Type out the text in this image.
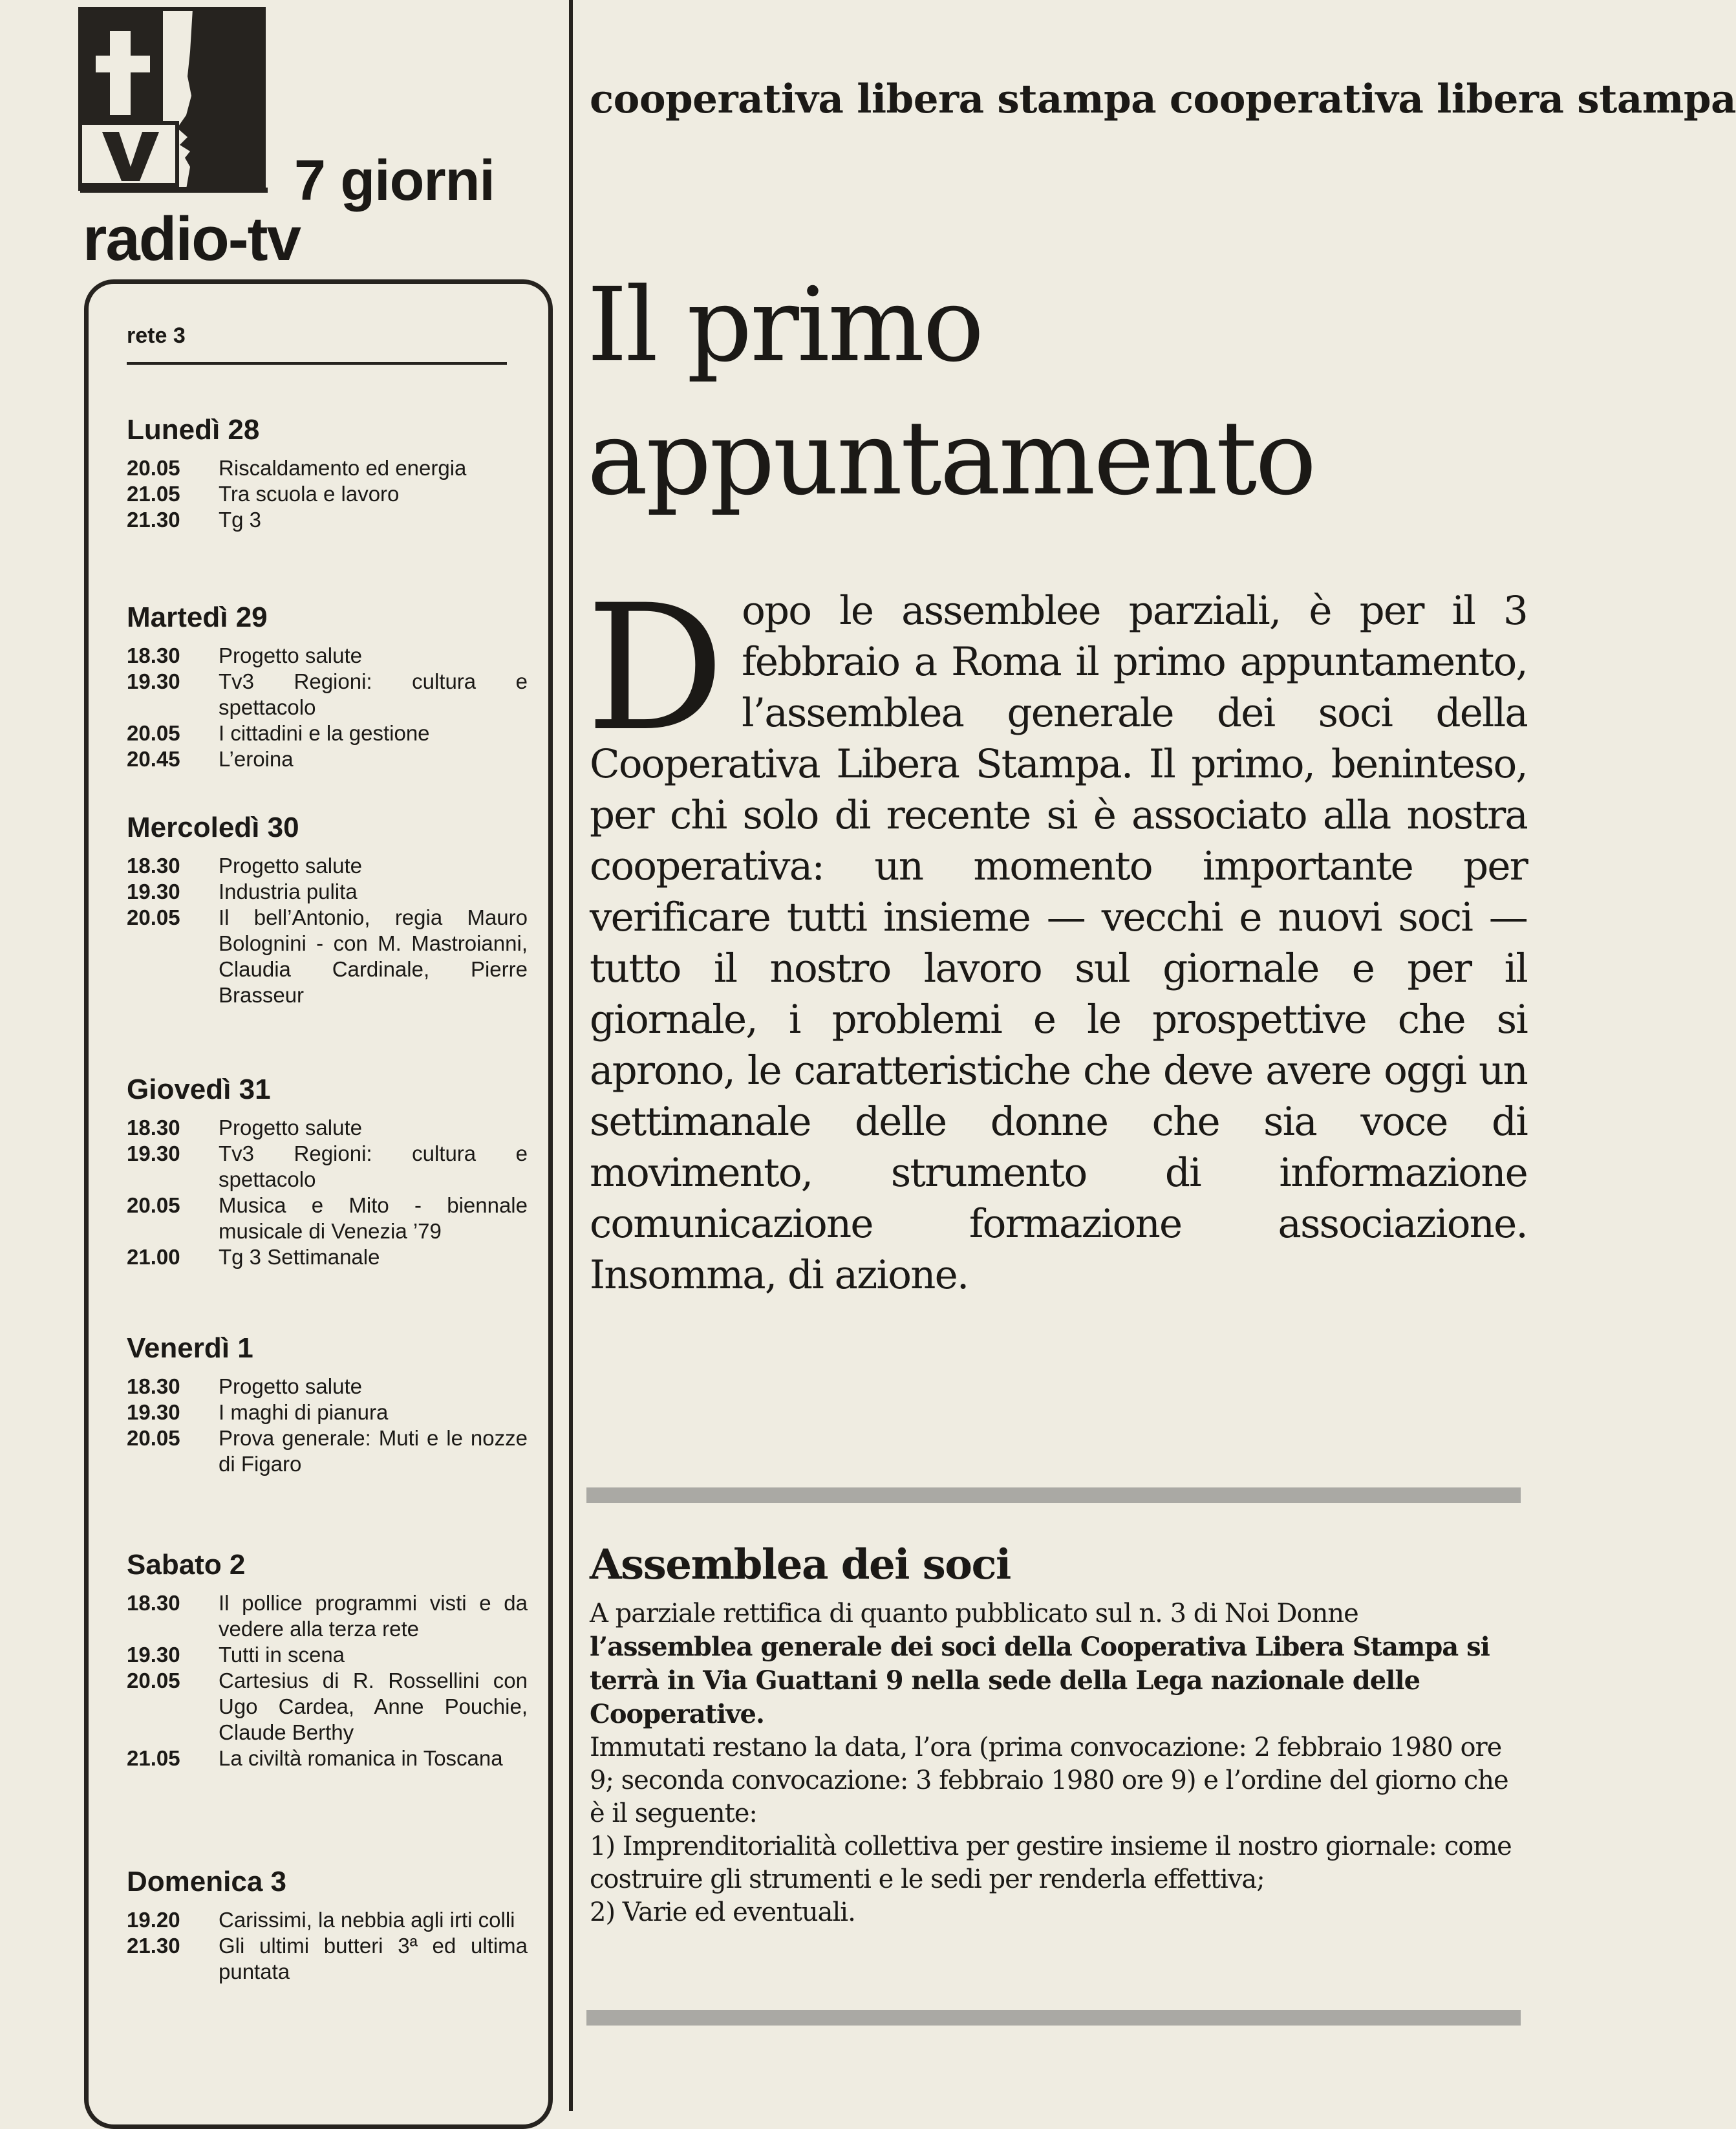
7 giorni
radio-tv
rete 3
Lunedì 28
20.05	Riscaldamento ed energia
21.05	Tra scuola e lavoro
21.30	Tg 3
Martedì 29
18.30	Progetto salute
19.30	Tv3 Regioni: cultura e spettacolo
20.05	I cittadini e la gestione
20.45	L’eroina
Mercoledì 30
18.30	Progetto salute
19.30	Industria pulita
20.05	Il bell’Antonio, regia Mauro Bolognini - con M. Mastroianni, Claudia Cardinale, Pierre Brasseur
Giovedì 31
18.30	Progetto salute
19.30	Tv3 Regioni: cultura e spettacolo
20.05	Musica e Mito - biennale musicale di Venezia ’79
21.00	Tg 3 Settimanale
Venerdì 1
18.30	Progetto salute
19.30	I maghi di pianura
20.05	Prova generale: Muti e le nozze di Figaro
Sabato 2
18.30	Il pollice programmi visti e da vedere alla terza rete
19.30	Tutti in scena
20.05	Cartesius di R. Rossellini con Ugo Cardea, Anne Pouchie, Claude Berthy
21.05	La civiltà romanica in Toscana
Domenica 3
19.20	Carissimi, la nebbia agli irti colli
21.30	Gli ultimi butteri 3ª ed ultima puntata
cooperativa libera stampa cooperativa libera stampa
Il primo appuntamento
Dopo le assemblee parziali, è per il 3 febbraio a Roma il primo appuntamento, l’assemblea generale dei soci della Cooperativa Libera Stampa. Il primo, beninteso, per chi solo di recente si è associato alla nostra cooperativa: un momento importante per verificare tutti insieme — vecchi e nuovi soci — tutto il nostro lavoro sul giornale e per il giornale, i problemi e le prospettive che si aprono, le caratteristiche che deve avere oggi un settimanale delle donne che sia voce di movimento, strumento di informazione comunicazione formazione associazione. Insomma, di azione.
Assemblea dei soci

A parziale rettifica di quanto pubblicato sul n. 3 di Noi Donne l’assemblea generale dei soci della Cooperativa Libera Stampa si terrà in Via Guattani 9 nella sede della Lega nazionale delle Cooperative.

Immutati restano la data, l’ora (prima convocazione: 2 febbraio 1980 ore 9; seconda convocazione: 3 febbraio 1980 ore 9) e l’ordine del giorno che è il seguente:

1) Imprenditorialità collettiva per gestire insieme il nostro giornale: come costruire gli strumenti e le sedi per renderla effettiva;

2) Varie ed eventuali.
